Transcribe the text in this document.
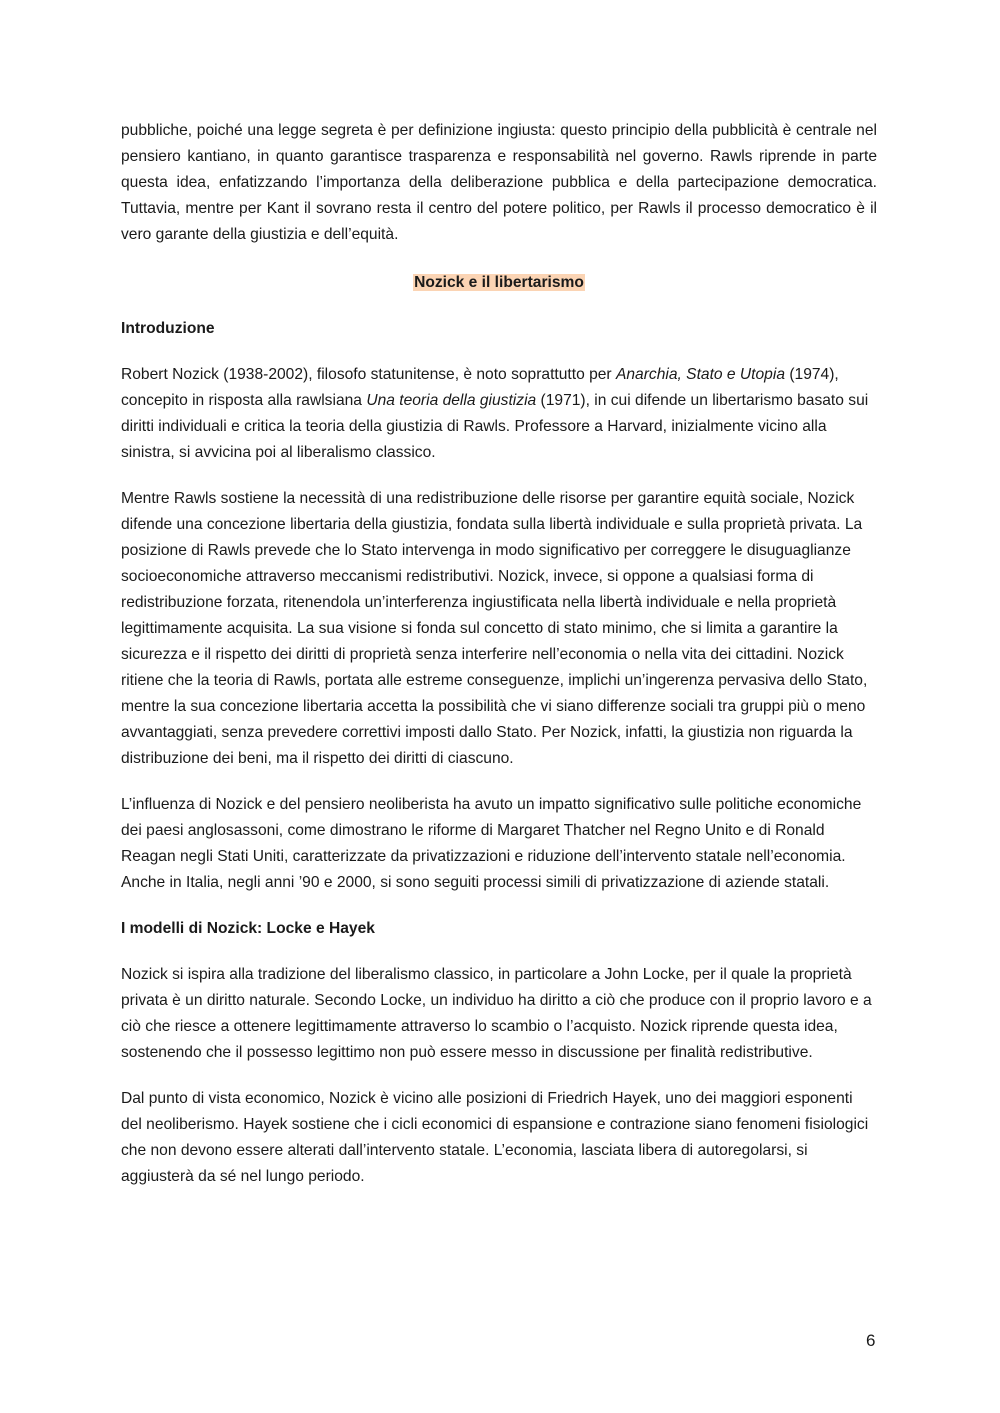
pubbliche, poiché una legge segreta è per definizione ingiusta: questo principio della pubblicità è centrale nel pensiero kantiano, in quanto garantisce trasparenza e responsabilità nel governo. Rawls riprende in parte questa idea, enfatizzando l’importanza della deliberazione pubblica e della partecipazione democratica. Tuttavia, mentre per Kant il sovrano resta il centro del potere politico, per Rawls il processo democratico è il vero garante della giustizia e dell’equità.

Nozick e il libertarismo

Introduzione

Robert Nozick (1938-2002), filosofo statunitense, è noto soprattutto per Anarchia, Stato e Utopia (1974), concepito in risposta alla rawlsiana Una teoria della giustizia (1971), in cui difende un libertarismo basato sui diritti individuali e critica la teoria della giustizia di Rawls. Professore a Harvard, inizialmente vicino alla sinistra, si avvicina poi al liberalismo classico.

Mentre Rawls sostiene la necessità di una redistribuzione delle risorse per garantire equità sociale, Nozick difende una concezione libertaria della giustizia, fondata sulla libertà individuale e sulla proprietà privata. La posizione di Rawls prevede che lo Stato intervenga in modo significativo per correggere le disuguaglianze socioeconomiche attraverso meccanismi redistributivi. Nozick, invece, si oppone a qualsiasi forma di redistribuzione forzata, ritenendola un’interferenza ingiustificata nella libertà individuale e nella proprietà legittimamente acquisita. La sua visione si fonda sul concetto di stato minimo, che si limita a garantire la sicurezza e il rispetto dei diritti di proprietà senza interferire nell’economia o nella vita dei cittadini. Nozick ritiene che la teoria di Rawls, portata alle estreme conseguenze, implichi un’ingerenza pervasiva dello Stato, mentre la sua concezione libertaria accetta la possibilità che vi siano differenze sociali tra gruppi più o meno avvantaggiati, senza prevedere correttivi imposti dallo Stato. Per Nozick, infatti, la giustizia non riguarda la distribuzione dei beni, ma il rispetto dei diritti di ciascuno.

L’influenza di Nozick e del pensiero neoliberista ha avuto un impatto significativo sulle politiche economiche dei paesi anglosassoni, come dimostrano le riforme di Margaret Thatcher nel Regno Unito e di Ronald Reagan negli Stati Uniti, caratterizzate da privatizzazioni e riduzione dell’intervento statale nell’economia. Anche in Italia, negli anni ’90 e 2000, si sono seguiti processi simili di privatizzazione di aziende statali.

I modelli di Nozick: Locke e Hayek

Nozick si ispira alla tradizione del liberalismo classico, in particolare a John Locke, per il quale la proprietà privata è un diritto naturale. Secondo Locke, un individuo ha diritto a ciò che produce con il proprio lavoro e a ciò che riesce a ottenere legittimamente attraverso lo scambio o l’acquisto. Nozick riprende questa idea, sostenendo che il possesso legittimo non può essere messo in discussione per finalità redistributive.

Dal punto di vista economico, Nozick è vicino alle posizioni di Friedrich Hayek, uno dei maggiori esponenti del neoliberismo. Hayek sostiene che i cicli economici di espansione e contrazione siano fenomeni fisiologici che non devono essere alterati dall’intervento statale. L’economia, lasciata libera di autoregolarsi, si aggiusterà da sé nel lungo periodo.

6
